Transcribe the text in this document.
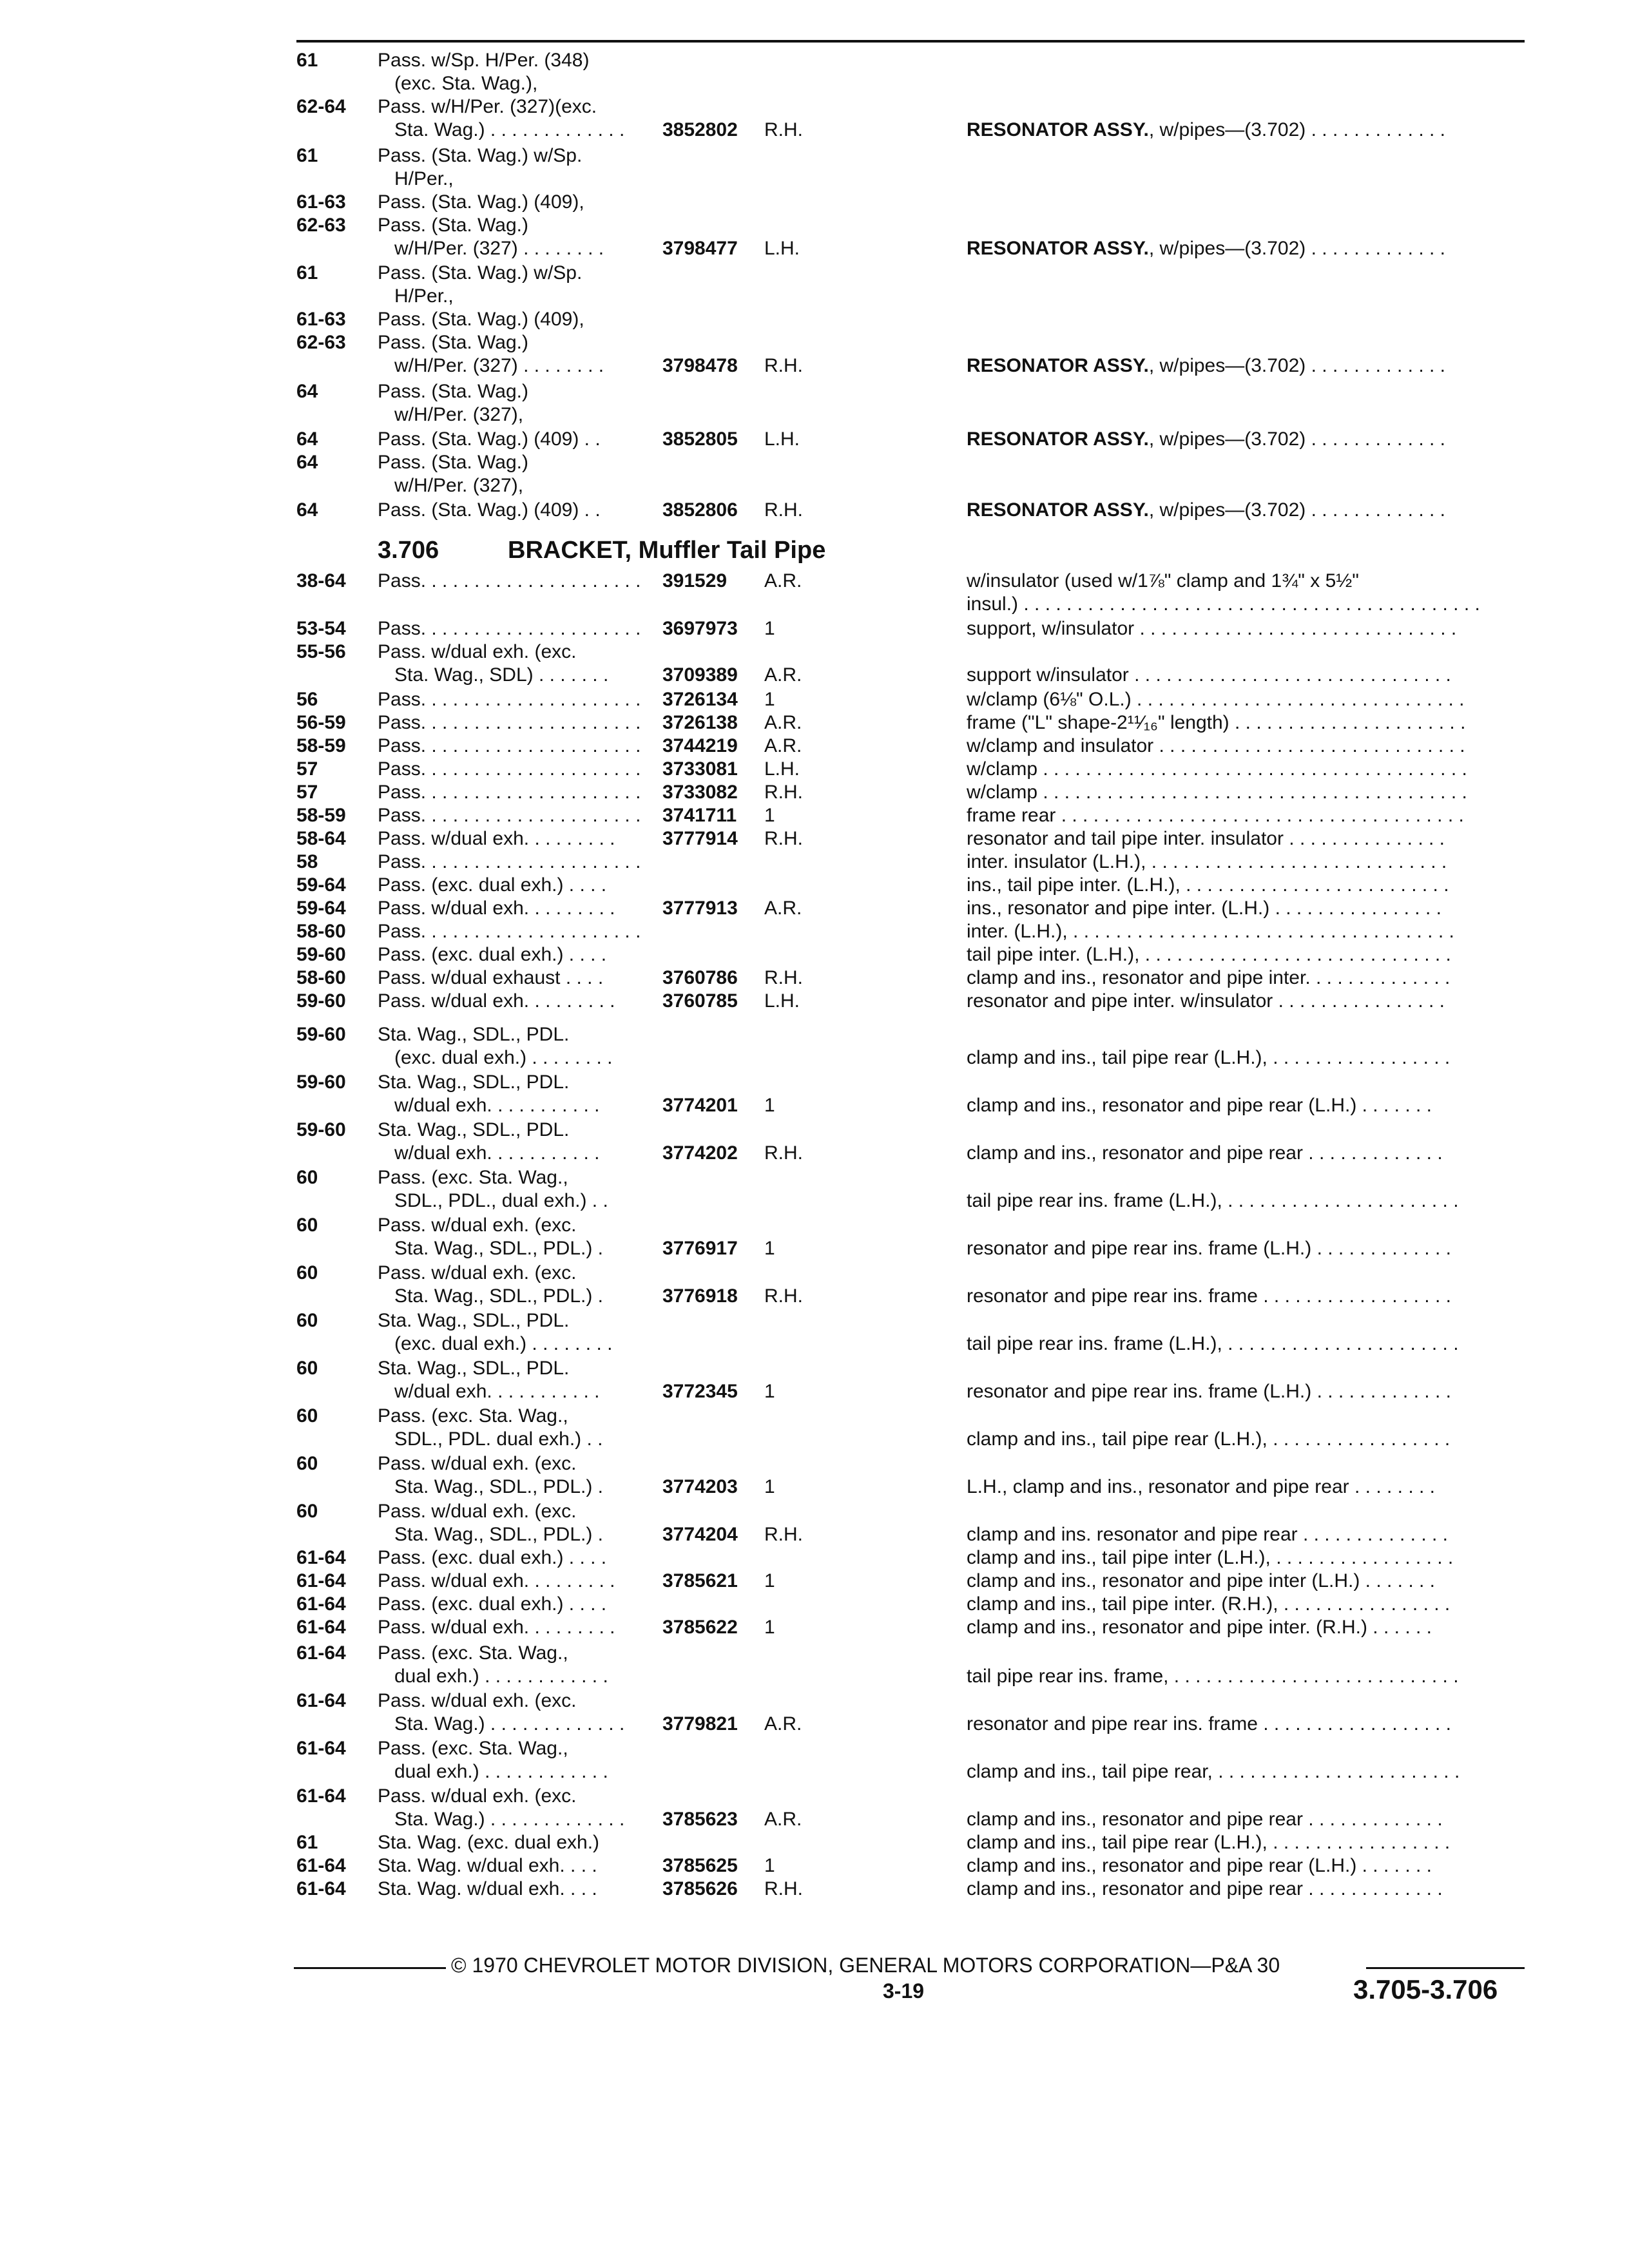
61	Pass. w/Sp. H/Per. (348)
(exc. Sta. Wag.),
62-64 Pass. w/H/Per. (327)(exc.
Sta. Wag.) . . . . . . . . . . . . . 3852802 R.H.	RESONATOR ASSY., w/pipes—(3.702) . . . . . . . . . . . . .
61	Pass. (Sta. Wag.) w/Sp.
H/Per.,
61-63 Pass. (Sta. Wag.) (409),
62-63 Pass. (Sta. Wag.)
w/H/Per. (327) . . . . . . . .	3798477 L.H.	RESONATOR ASSY., w/pipes—(3.702) . . . . . . . . . . . . .
61	Pass. (Sta. Wag.) w/Sp.
H/Per.,
61-63 Pass. (Sta. Wag.) (409),
62-63 Pass. (Sta. Wag.)
w/H/Per. (327) . . . . . . . .	3798478 R.H.	RESONATOR ASSY., w/pipes—(3.702) . . . . . . . . . . . . .
64	Pass. (Sta. Wag.)
w/H/Per. (327),
64	Pass. (Sta. Wag.) (409) . .	3852805 L.H.	RESONATOR ASSY., w/pipes—(3.702) . . . . . . . . . . . . .
64	Pass. (Sta. Wag.)
w/H/Per. (327),
64	Pass. (Sta. Wag.) (409) . .	3852806 R.H.	RESONATOR ASSY., w/pipes—(3.702) . . . . . . . . . . . . .
38-64 Pass. . . . . . . . . . . . . . . . . . . . . 391529 A.R.	w/insulator (used w/1⅞" clamp and 1¾" x 5½"
insul.) . . . . . . . . . . . . . . . . . . . . . . . . . . . . . . . . . . . . . . . . . . .
53-54 Pass. . . . . . . . . . . . . . . . . . . . . 3697973 1	support, w/insulator . . . . . . . . . . . . . . . . . . . . . . . . . . . . . .
55-56 Pass. w/dual exh. (exc.
Sta. Wag., SDL) . . . . . . .	3709389 A.R.	support w/insulator . . . . . . . . . . . . . . . . . . . . . . . . . . . . . .
56	Pass. . . . . . . . . . . . . . . . . . . . . 3726134 1	w/clamp (6⅛" O.L.) . . . . . . . . . . . . . . . . . . . . . . . . . . . . . . .
56-59 Pass. . . . . . . . . . . . . . . . . . . . . 3726138 A.R.	frame ("L" shape-2¹¹⁄₁₆" length) . . . . . . . . . . . . . . . . . . . . . .
58-59 Pass. . . . . . . . . . . . . . . . . . . . . 3744219 A.R.	w/clamp and insulator . . . . . . . . . . . . . . . . . . . . . . . . . . . . .
57	Pass. . . . . . . . . . . . . . . . . . . . . 3733081 L.H.	w/clamp . . . . . . . . . . . . . . . . . . . . . . . . . . . . . . . . . . . . . . . .
57	Pass. . . . . . . . . . . . . . . . . . . . . 3733082 R.H.	w/clamp . . . . . . . . . . . . . . . . . . . . . . . . . . . . . . . . . . . . . . . .
58-59 Pass. . . . . . . . . . . . . . . . . . . . . 3741711 1	frame rear . . . . . . . . . . . . . . . . . . . . . . . . . . . . . . . . . . . . . .
58-64 Pass. w/dual exh. . . . . . . . . 3777914 R.H.	resonator and tail pipe inter. insulator . . . . . . . . . . . . . . .
58	Pass. . . . . . . . . . . . . . . . . . . . .	inter. insulator (L.H.), . . . . . . . . . . . . . . . . . . . . . . . . . . . .
59-64 Pass. (exc. dual exh.) . . . .	ins., tail pipe inter. (L.H.), . . . . . . . . . . . . . . . . . . . . . . . . .
59-64 Pass. w/dual exh. . . . . . . . . 3777913 A.R.	ins., resonator and pipe inter. (L.H.) . . . . . . . . . . . . . . . .
58-60 Pass. . . . . . . . . . . . . . . . . . . . .	inter. (L.H.), . . . . . . . . . . . . . . . . . . . . . . . . . . . . . . . . . . . .
59-60 Pass. (exc. dual exh.) . . . .	tail pipe inter. (L.H.), . . . . . . . . . . . . . . . . . . . . . . . . . . . . .
58-60 Pass. w/dual exhaust . . . .	3760786 R.H.	clamp and ins., resonator and pipe inter. . . . . . . . . . . . . .
59-60 Pass. w/dual exh. . . . . . . . . 3760785 L.H.	resonator and pipe inter. w/insulator . . . . . . . . . . . . . . . .
59-60 Sta. Wag., SDL., PDL.
(exc. dual exh.) . . . . . . . .	clamp and ins., tail pipe rear (L.H.), . . . . . . . . . . . . . . . . .
59-60 Sta. Wag., SDL., PDL.
w/dual exh. . . . . . . . . . .	3774201 1	clamp and ins., resonator and pipe rear (L.H.) . . . . . . .
59-60 Sta. Wag., SDL., PDL.
w/dual exh. . . . . . . . . . .	3774202 R.H.	clamp and ins., resonator and pipe rear . . . . . . . . . . . . .
60	Pass. (exc. Sta. Wag.,
SDL., PDL., dual exh.) . .	tail pipe rear ins. frame (L.H.), . . . . . . . . . . . . . . . . . . . . . .
60	Pass. w/dual exh. (exc.
Sta. Wag., SDL., PDL.) .	3776917 1	resonator and pipe rear ins. frame (L.H.) . . . . . . . . . . . . .
60	Pass. w/dual exh. (exc.
Sta. Wag., SDL., PDL.) .	3776918 R.H.	resonator and pipe rear ins. frame . . . . . . . . . . . . . . . . . .
60	Sta. Wag., SDL., PDL.
(exc. dual exh.) . . . . . . . .	tail pipe rear ins. frame (L.H.), . . . . . . . . . . . . . . . . . . . . . .
60	Sta. Wag., SDL., PDL.
w/dual exh. . . . . . . . . . .	3772345 1	resonator and pipe rear ins. frame (L.H.) . . . . . . . . . . . . .
60	Pass. (exc. Sta. Wag.,
SDL., PDL. dual exh.) . .	clamp and ins., tail pipe rear (L.H.), . . . . . . . . . . . . . . . . .
60	Pass. w/dual exh. (exc.
Sta. Wag., SDL., PDL.) .	3774203 1	L.H., clamp and ins., resonator and pipe rear . . . . . . . .
60	Pass. w/dual exh. (exc.
Sta. Wag., SDL., PDL.) .	3774204 R.H.	clamp and ins. resonator and pipe rear . . . . . . . . . . . . . .
61-64 Pass. (exc. dual exh.) . . . .	clamp and ins., tail pipe inter (L.H.), . . . . . . . . . . . . . . . . .
61-64 Pass. w/dual exh. . . . . . . . . 3785621 1	clamp and ins., resonator and pipe inter (L.H.) . . . . . . .
61-64 Pass. (exc. dual exh.) . . . .	clamp and ins., tail pipe inter. (R.H.), . . . . . . . . . . . . . . . .
61-64 Pass. w/dual exh. . . . . . . . . 3785622 1	clamp and ins., resonator and pipe inter. (R.H.) . . . . . .
61-64 Pass. (exc. Sta. Wag.,
dual exh.) . . . . . . . . . . . .	tail pipe rear ins. frame, . . . . . . . . . . . . . . . . . . . . . . . . . . .
61-64 Pass. w/dual exh. (exc.
Sta. Wag.) . . . . . . . . . . . . . 3779821 A.R.	resonator and pipe rear ins. frame . . . . . . . . . . . . . . . . . .
61-64 Pass. (exc. Sta. Wag.,
dual exh.) . . . . . . . . . . . .	clamp and ins., tail pipe rear, . . . . . . . . . . . . . . . . . . . . . . .
61-64 Pass. w/dual exh. (exc.
Sta. Wag.) . . . . . . . . . . . . . 3785623 A.R.	clamp and ins., resonator and pipe rear . . . . . . . . . . . . .
61	Sta. Wag. (exc. dual exh.)	clamp and ins., tail pipe rear (L.H.), . . . . . . . . . . . . . . . . .
61-64 Sta. Wag. w/dual exh. . . .	3785625 1	clamp and ins., resonator and pipe rear (L.H.) . . . . . . .
61-64 Sta. Wag. w/dual exh. . . .	3785626 R.H.	clamp and ins., resonator and pipe rear . . . . . . . . . . . . .
3.706	BRACKET, Muffler Tail Pipe
© 1970 CHEVROLET MOTOR DIVISION, GENERAL MOTORS CORPORATION—P&A 30
3-19	3.705-3.706
